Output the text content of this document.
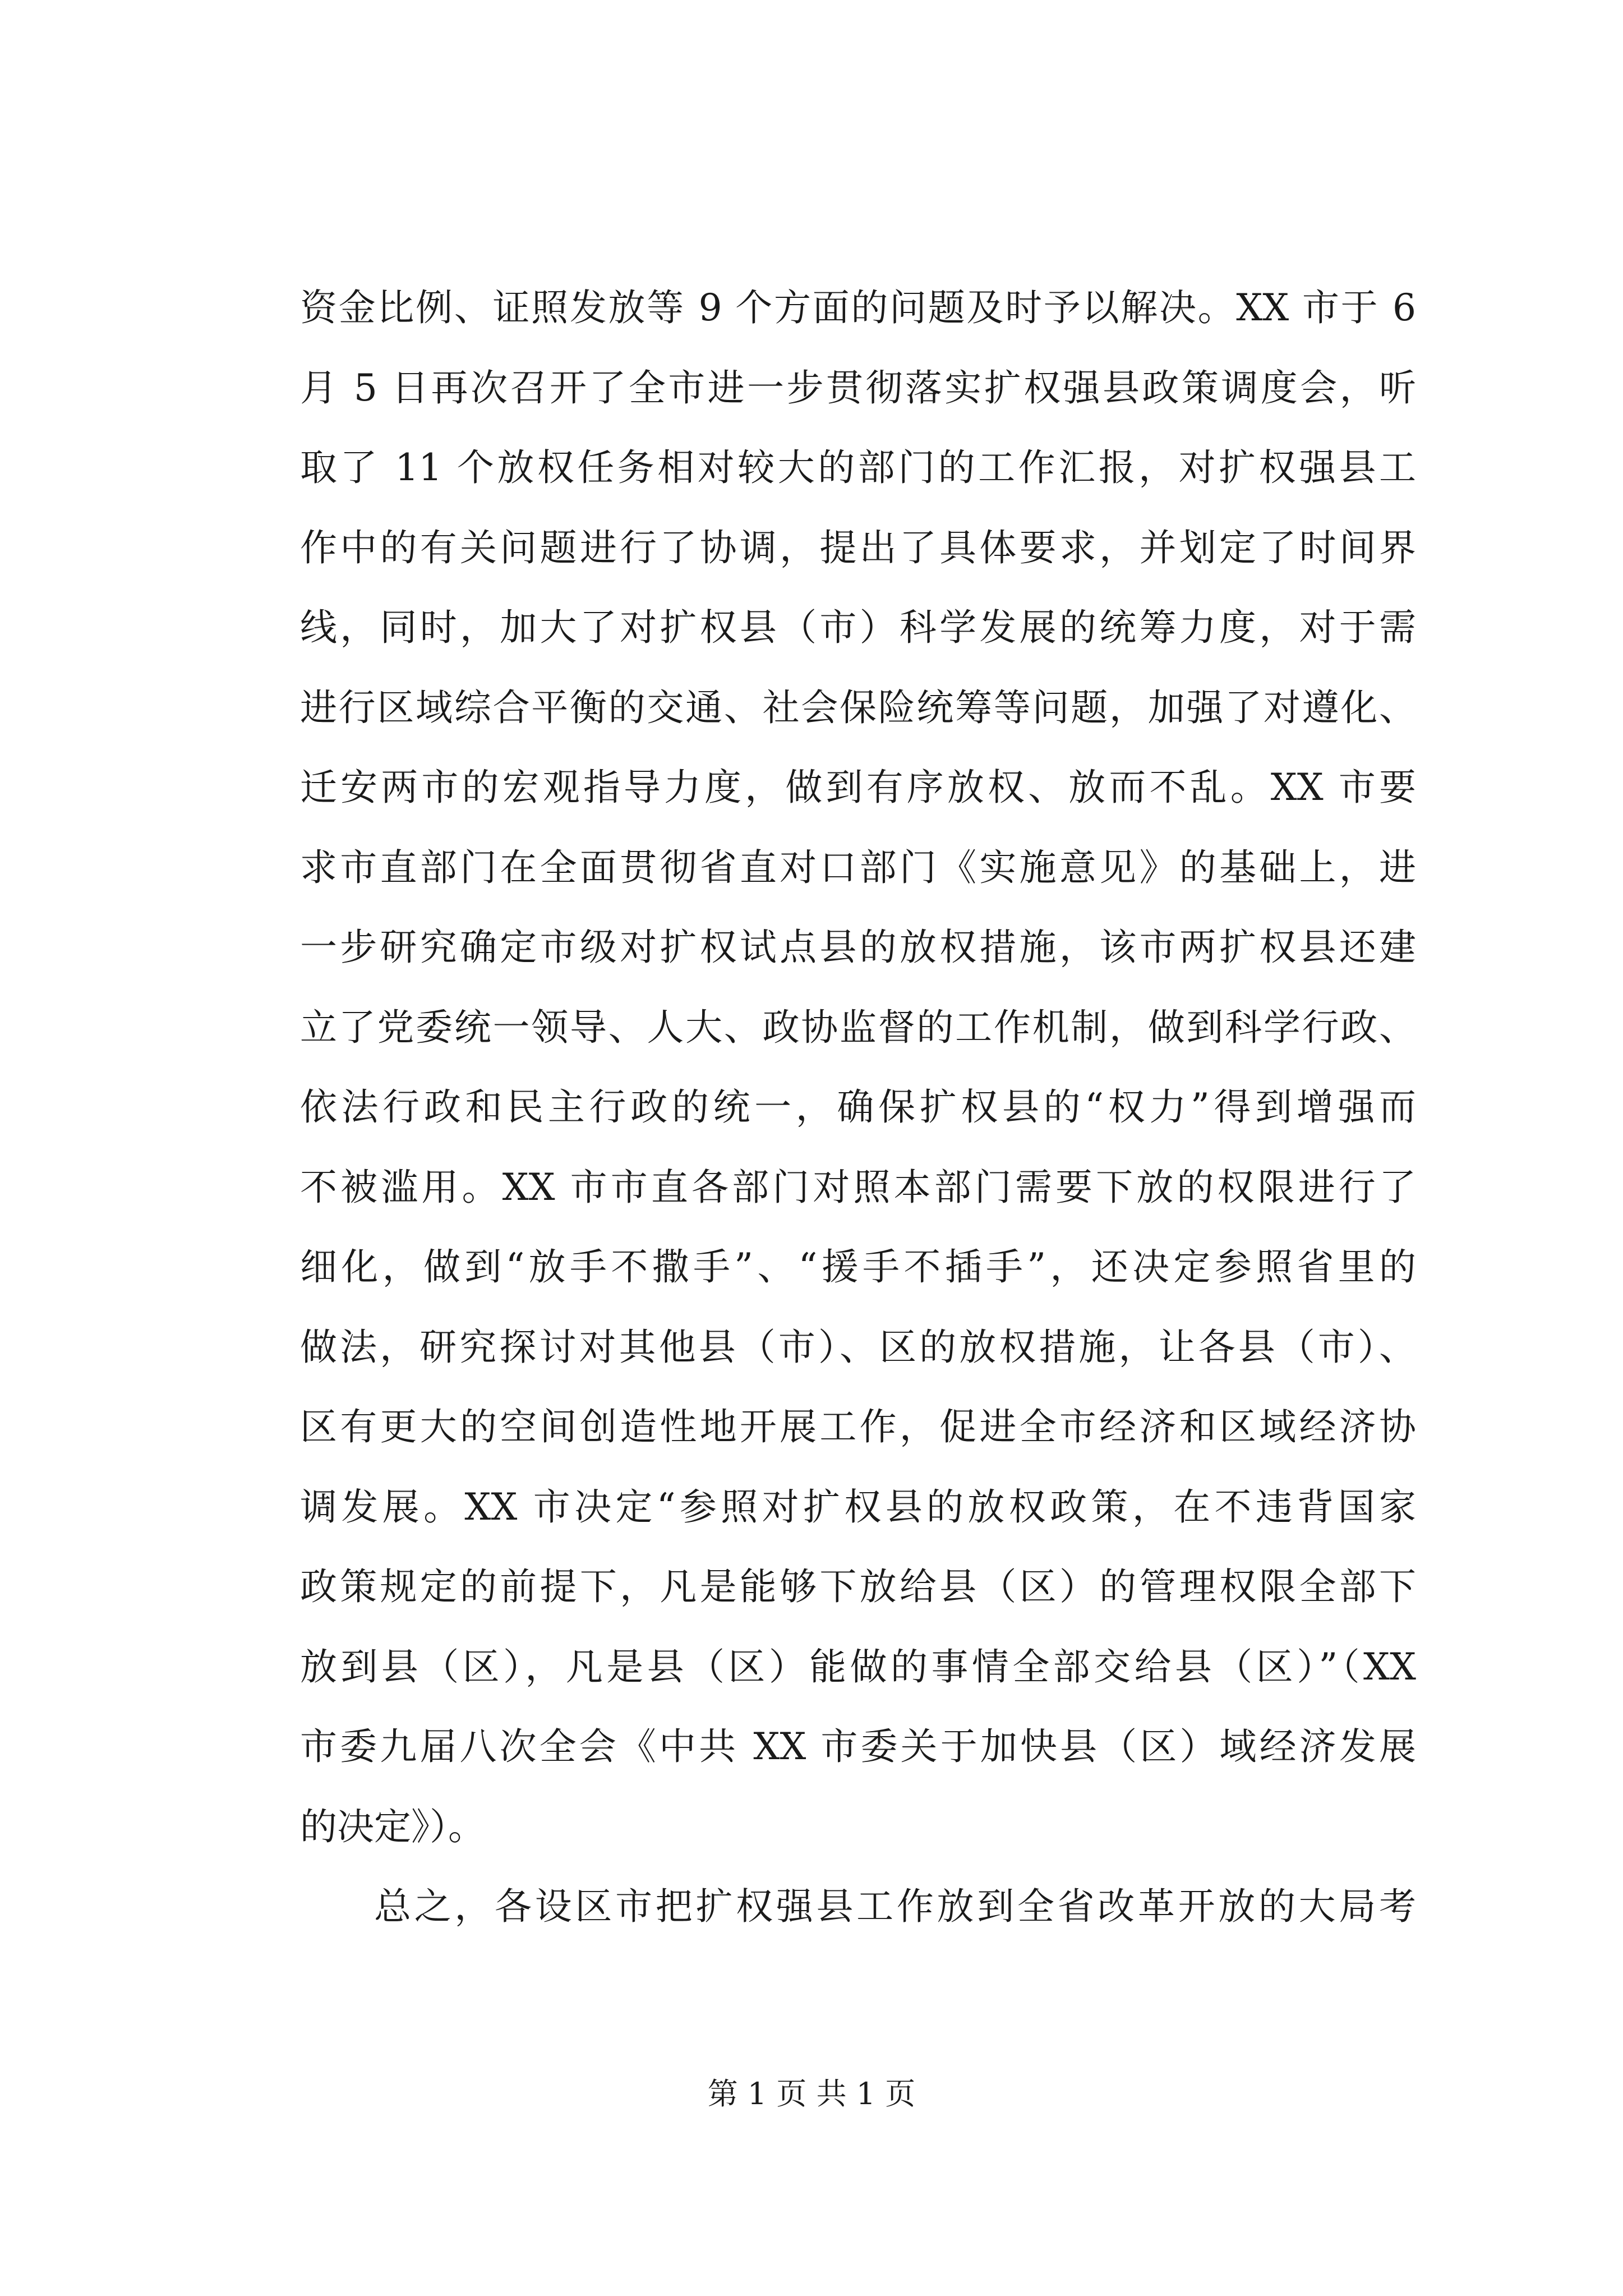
资金比例、证照发放等 9 个方面的问题及时予以解决。XX 市于 6
月 5 日再次召开了全市进一步贯彻落实扩权强县政策调度会，听
取了 11 个放权任务相对较大的部门的工作汇报，对扩权强县工
作中的有关问题进行了协调，提出了具体要求，并划定了时间界
线，同时，加大了对扩权县（市）科学发展的统筹力度，对于需
进行区域综合平衡的交通、社会保险统筹等问题，加强了对遵化、
迁安两市的宏观指导力度，做到有序放权、放而不乱。XX 市要
求市直部门在全面贯彻省直对口部门《实施意见》的基础上，进
一步研究确定市级对扩权试点县的放权措施，该市两扩权县还建
立了党委统一领导、人大、政协监督的工作机制，做到科学行政、
依法行政和民主行政的统一，确保扩权县的“权力”得到增强而
不被滥用。XX 市市直各部门对照本部门需要下放的权限进行了
细化，做到“放手不撒手”、“援手不插手”，还决定参照省里的
做法，研究探讨对其他县（市）、区的放权措施，让各县（市）、
区有更大的空间创造性地开展工作，促进全市经济和区域经济协
调发展。XX 市决定“参照对扩权县的放权政策，在不违背国家
政策规定的前提下，凡是能够下放给县（区）的管理权限全部下
放到县（区），凡是县（区）能做的事情全部交给县（区）”（XX
市委九届八次全会《中共 XX 市委关于加快县（区）域经济发展
的决定》）。
总之，各设区市把扩权强县工作放到全省改革开放的大局考
第 1 页 共 1 页
